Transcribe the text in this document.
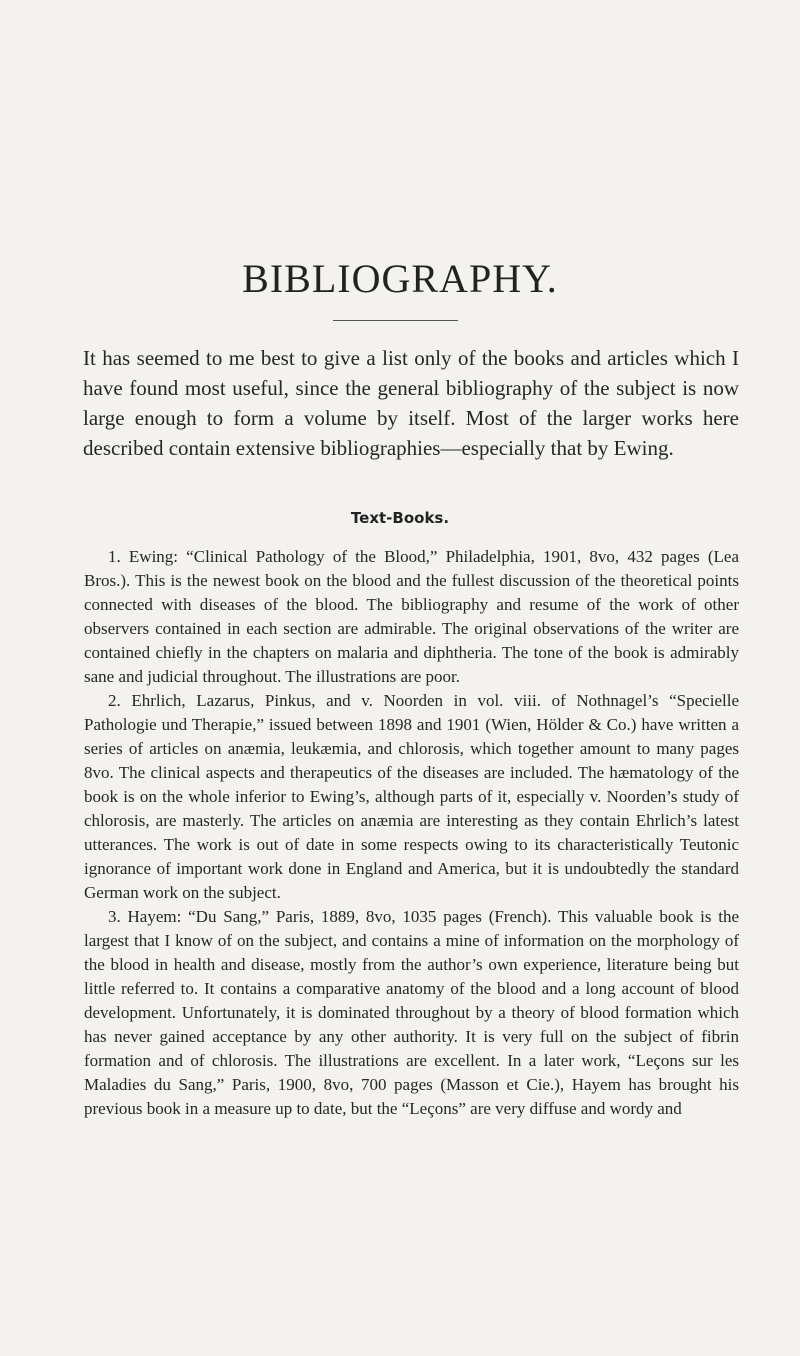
BIBLIOGRAPHY.

It has seemed to me best to give a list only of the books and articles which I have found most useful, since the general bibliography of the subject is now large enough to form a volume by itself. Most of the larger works here described contain extensive bibliographies—especially that by Ewing.

Text-Books.

1. Ewing: “Clinical Pathology of the Blood,” Philadelphia, 1901, 8vo, 432 pages (Lea Bros.). This is the newest book on the blood and the fullest discussion of the theoretical points connected with diseases of the blood. The bibliography and resume of the work of other observers contained in each section are admirable. The original observations of the writer are contained chiefly in the chapters on malaria and diphtheria. The tone of the book is admirably sane and judicial throughout. The illustrations are poor.

2. Ehrlich, Lazarus, Pinkus, and v. Noorden in vol. viii. of Nothnagel’s “Specielle Pathologie und Therapie,” issued between 1898 and 1901 (Wien, Hölder & Co.) have written a series of articles on anæmia, leukæmia, and chlorosis, which together amount to many pages 8vo. The clinical aspects and therapeutics of the diseases are included. The hæmatology of the book is on the whole inferior to Ewing’s, although parts of it, especially v. Noorden’s study of chlorosis, are masterly. The articles on anæmia are interesting as they contain Ehrlich’s latest utterances. The work is out of date in some respects owing to its characteristically Teutonic ignorance of important work done in England and America, but it is undoubtedly the standard German work on the subject.

3. Hayem: “Du Sang,” Paris, 1889, 8vo, 1035 pages (French). This valuable book is the largest that I know of on the subject, and contains a mine of information on the morphology of the blood in health and disease, mostly from the author’s own experience, literature being but little referred to. It contains a comparative anatomy of the blood and a long account of blood development. Unfortunately, it is dominated throughout by a theory of blood formation which has never gained acceptance by any other authority. It is very full on the subject of fibrin formation and of chlorosis. The illustrations are excellent. In a later work, “Leçons sur les Maladies du Sang,” Paris, 1900, 8vo, 700 pages (Masson et Cie.), Hayem has brought his previous book in a measure up to date, but the “Leçons” are very diffuse and wordy and
